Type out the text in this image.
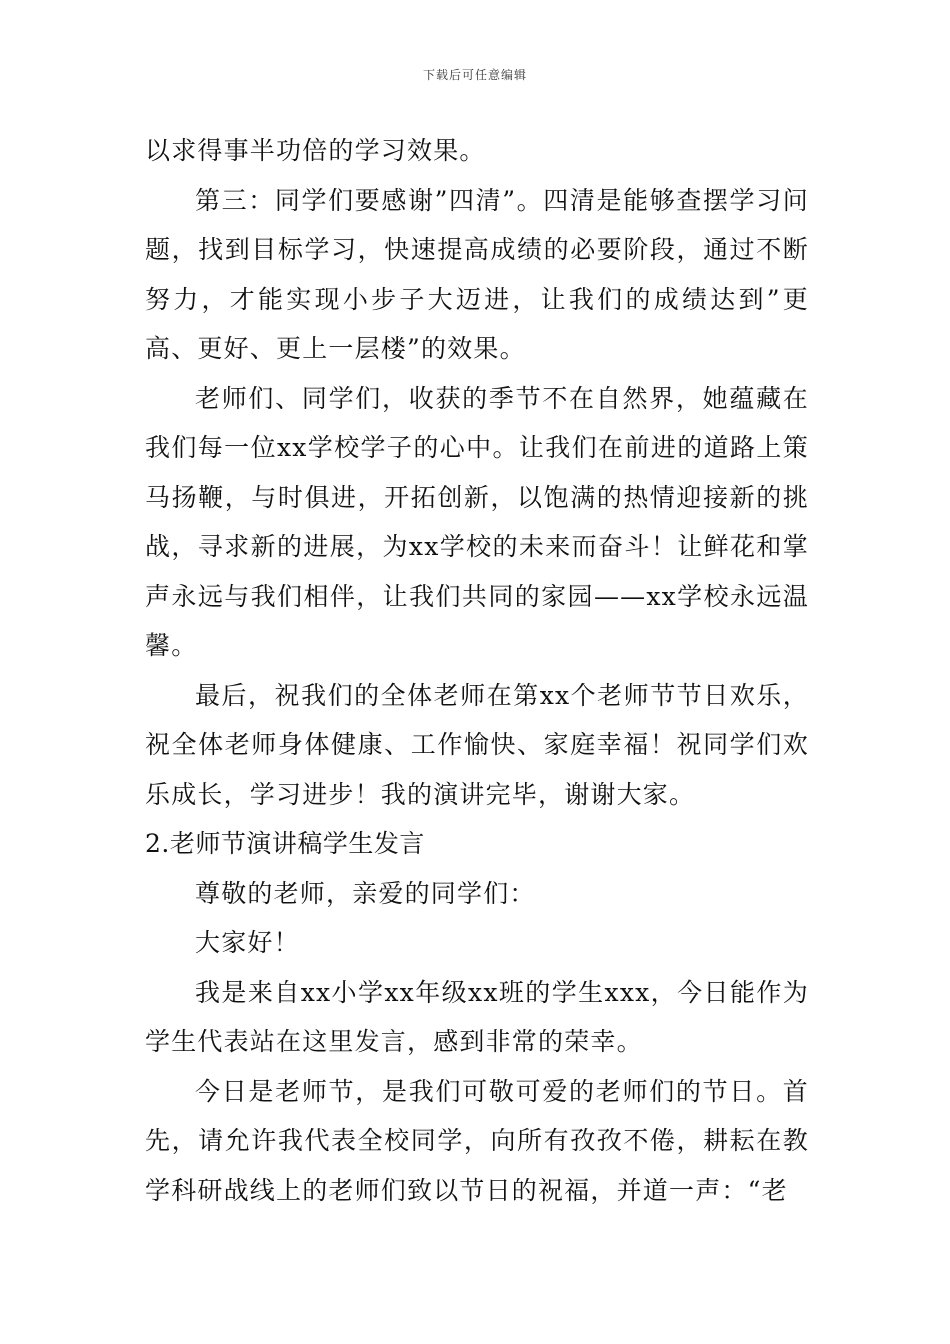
下载后可任意编辑

以求得事半功倍的学习效果。

第三：同学们要感谢”四清”。四清是能够查摆学习问题，找到目标学习，快速提高成绩的必要阶段，通过不断努力，才能实现小步子大迈进，让我们的成绩达到”更高、更好、更上一层楼”的效果。

老师们、同学们，收获的季节不在自然界，她蕴藏在我们每一位xx学校学子的心中。让我们在前进的道路上策马扬鞭，与时俱进，开拓创新，以饱满的热情迎接新的挑战，寻求新的进展，为xx学校的未来而奋斗！让鲜花和掌声永远与我们相伴，让我们共同的家园——xx学校永远温馨。

最后，祝我们的全体老师在第xx个老师节节日欢乐，祝全体老师身体健康、工作愉快、家庭幸福！祝同学们欢乐成长，学习进步！我的演讲完毕，谢谢大家。

2.老师节演讲稿学生发言

尊敬的老师，亲爱的同学们：

大家好！

我是来自xx小学xx年级xx班的学生xxx，今日能作为学生代表站在这里发言，感到非常的荣幸。

今日是老师节，是我们可敬可爱的老师们的节日。首先，请允许我代表全校同学，向所有孜孜不倦，耕耘在教学科研战线上的老师们致以节日的祝福，并道一声：“老
